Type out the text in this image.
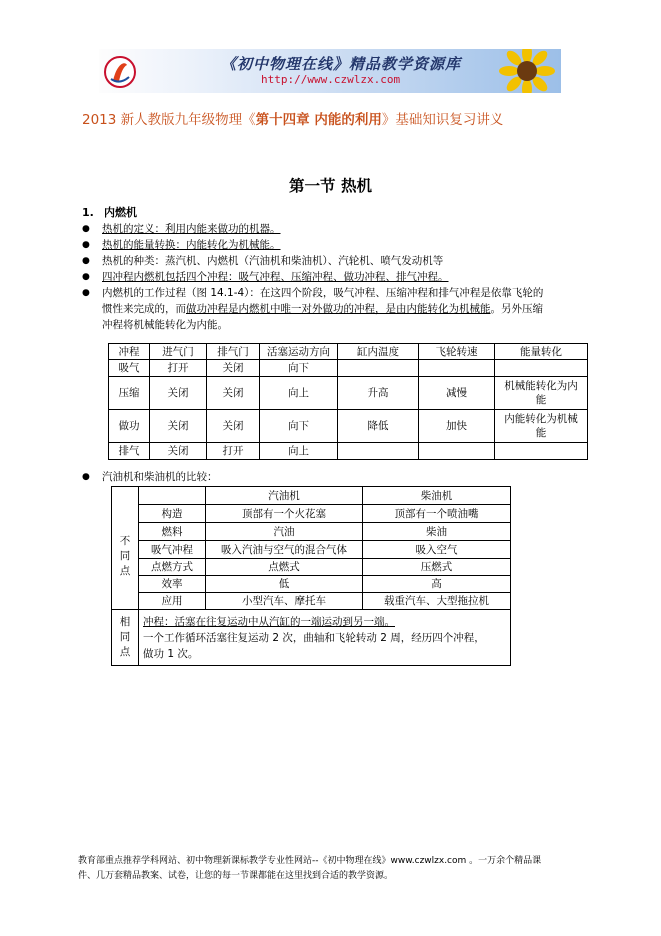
《初中物理在线》精品教学资源库
http://www.czwlzx.com
2013 新人教版九年级物理《第十四章 内能的利用》基础知识复习讲义
第一节 热机
1. 内燃机
● 热机的定义：利用内能来做功的机器。
● 热机的能量转换：内能转化为机械能。
● 热机的种类：蒸汽机、内燃机（汽油机和柴油机）、汽轮机、喷气发动机等
● 四冲程内燃机包括四个冲程：吸气冲程、压缩冲程、做功冲程、排气冲程。
● 内燃机的工作过程（图 14.1-4）：在这四个阶段，吸气冲程、压缩冲程和排气冲程是依靠飞轮的
惯性来完成的，而做功冲程是内燃机中唯一对外做功的冲程，是由内能转化为机械能。另外压缩
冲程将机械能转化为内能。
冲程	进气门	排气门	活塞运动方向	缸内温度	飞轮转速	能量转化
吸气	打开	关闭	向下			
压缩	关闭	关闭	向上	升高	减慢	机械能转化为内能
做功	关闭	关闭	向下	降低	加快	内能转化为机械能
排气	关闭	打开	向上			
● 汽油机和柴油机的比较：
		汽油机	柴油机
不同点	构造	顶部有一个火花塞	顶部有一个喷油嘴
	燃料	汽油	柴油
	吸气冲程	吸入汽油与空气的混合气体	吸入空气
	点燃方式	点燃式	压燃式
	效率	低	高
	应用	小型汽车、摩托车	载重汽车、大型拖拉机
相同点	冲程：活塞在往复运动中从汽缸的一端运动到另一端。
一个工作循环活塞往复运动 2 次，曲轴和飞轮转动 2 周，经历四个冲程，
做功 1 次。		
教育部重点推荐学科网站、初中物理新课标教学专业性网站--《初中物理在线》www.czwlzx.com 。一万余个精品课
件、几万套精品教案、试卷，让您的每一节课都能在这里找到合适的教学资源。
